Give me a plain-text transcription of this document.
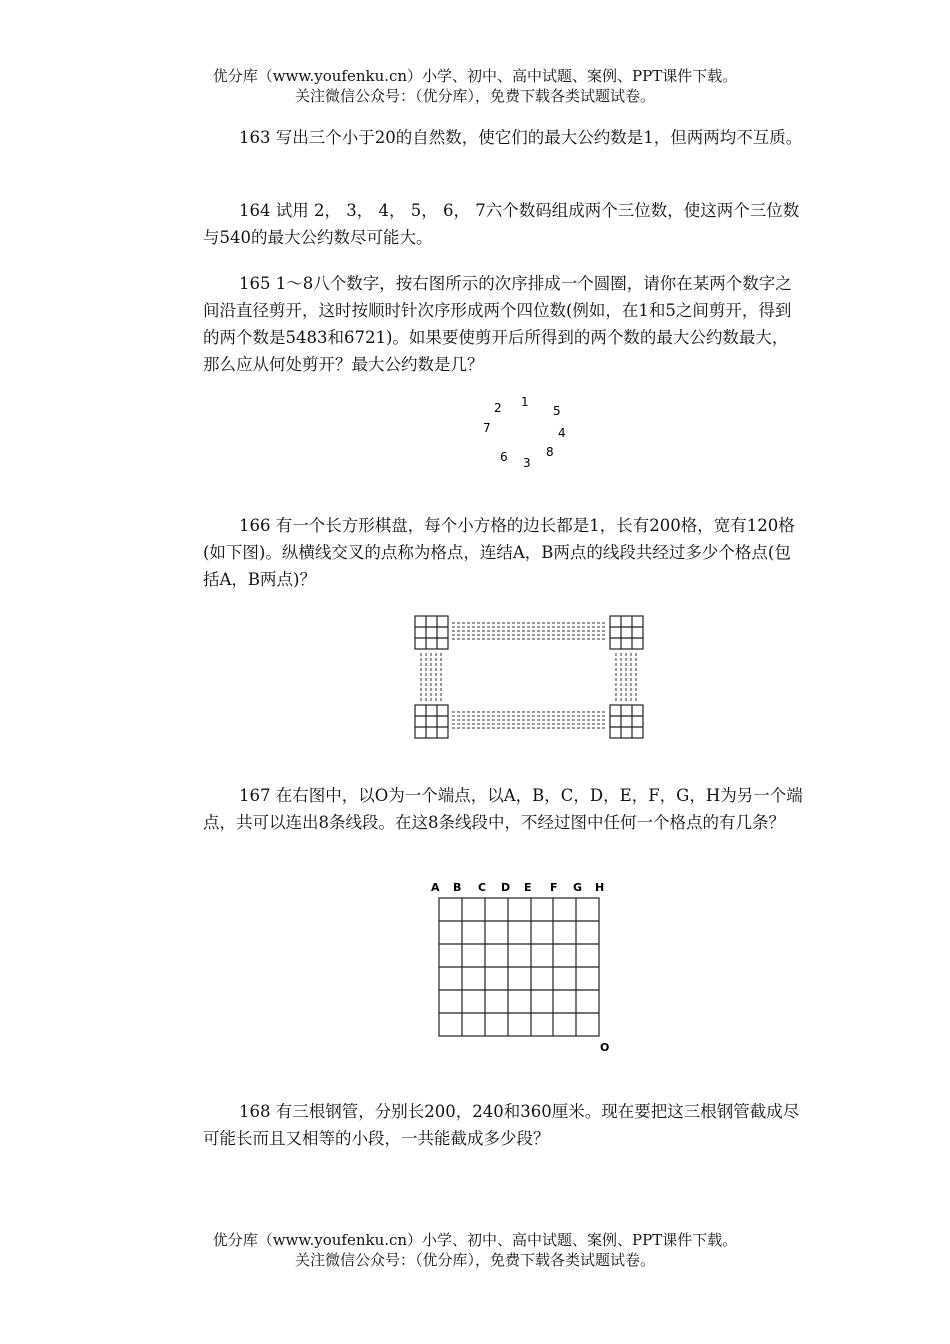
优分库（www.youfenku.cn）小学、初中、高中试题、案例、PPT课件下载。
关注微信公众号：（优分库），免费下载各类试题试卷。

163 写出三个小于20的自然数，使它们的最大公约数是1，但两两均不互质。

164 试用 2， 3， 4， 5， 6， 7六个数码组成两个三位数，使这两个三位数与540的最大公约数尽可能大。

165 1～8八个数字，按右图所示的次序排成一个圆圈，请你在某两个数字之间沿直径剪开，这时按顺时针次序形成两个四位数(例如，在1和5之间剪开，得到的两个数是5483和6721)。如果要使剪开后所得到的两个数的最大公约数最大，那么应从何处剪开？最大公约数是几？

1
5
4
8
3
6
7
2

166 有一个长方形棋盘，每个小方格的边长都是1，长有200格，宽有120格(如下图)。纵横线交叉的点称为格点，连结A，B两点的线段共经过多少个格点(包括A，B两点)？

167 在右图中，以O为一个端点，以A，B，C，D，E，F，G，H为另一个端点，共可以连出8条线段。在这8条线段中，不经过图中任何一个格点的有几条？

A B C D E F G H
O

168 有三根钢管，分别长200，240和360厘米。现在要把这三根钢管截成尽可能长而且又相等的小段，一共能截成多少段？

优分库（www.youfenku.cn）小学、初中、高中试题、案例、PPT课件下载。
关注微信公众号：（优分库），免费下载各类试题试卷。
